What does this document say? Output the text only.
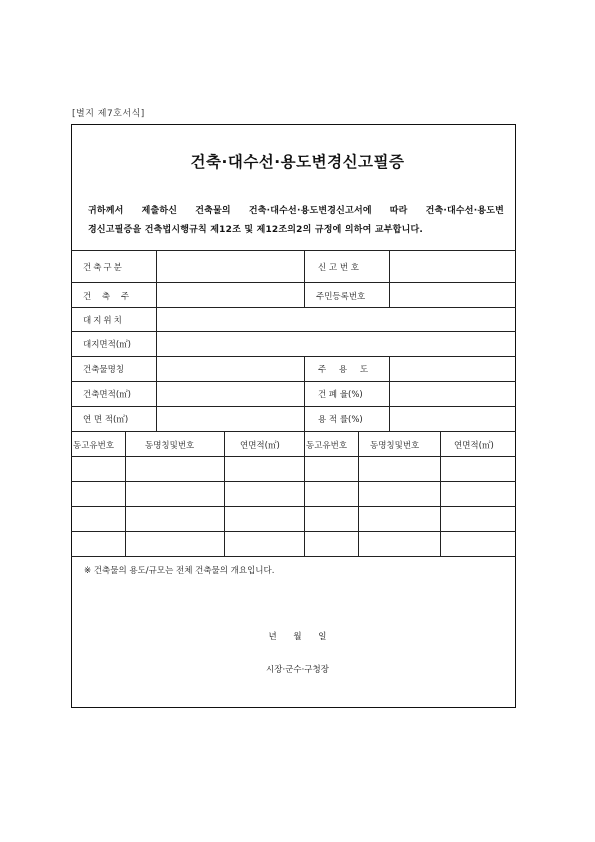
[별지 제7호서식]
건축·대수선·용도변경신고필증

귀하께서 제출하신 건축물의 건축·대수선·용도변경신고서에 따라 건축·대수선·용도변

경신고필증을 건축법시행규칙 제12조 및 제12조의2의 규정에 의하여 교부합니다.

건축구분	신 고 번 호
건 축 주	주민등록번호
대지위치
대지면적(㎡)
건축물명칭	주 용 도
건축면적(㎡)	건 폐 율(%)
연 면 적(㎡)	용 적 률(%)
동고유번호	동명칭및번호	연면적(㎡)	동고유번호	동명칭및번호	연면적(㎡)
※ 건축물의 용도/규모는 전체 건축물의 개요입니다.
년 월 일
시장·군수·구청장
